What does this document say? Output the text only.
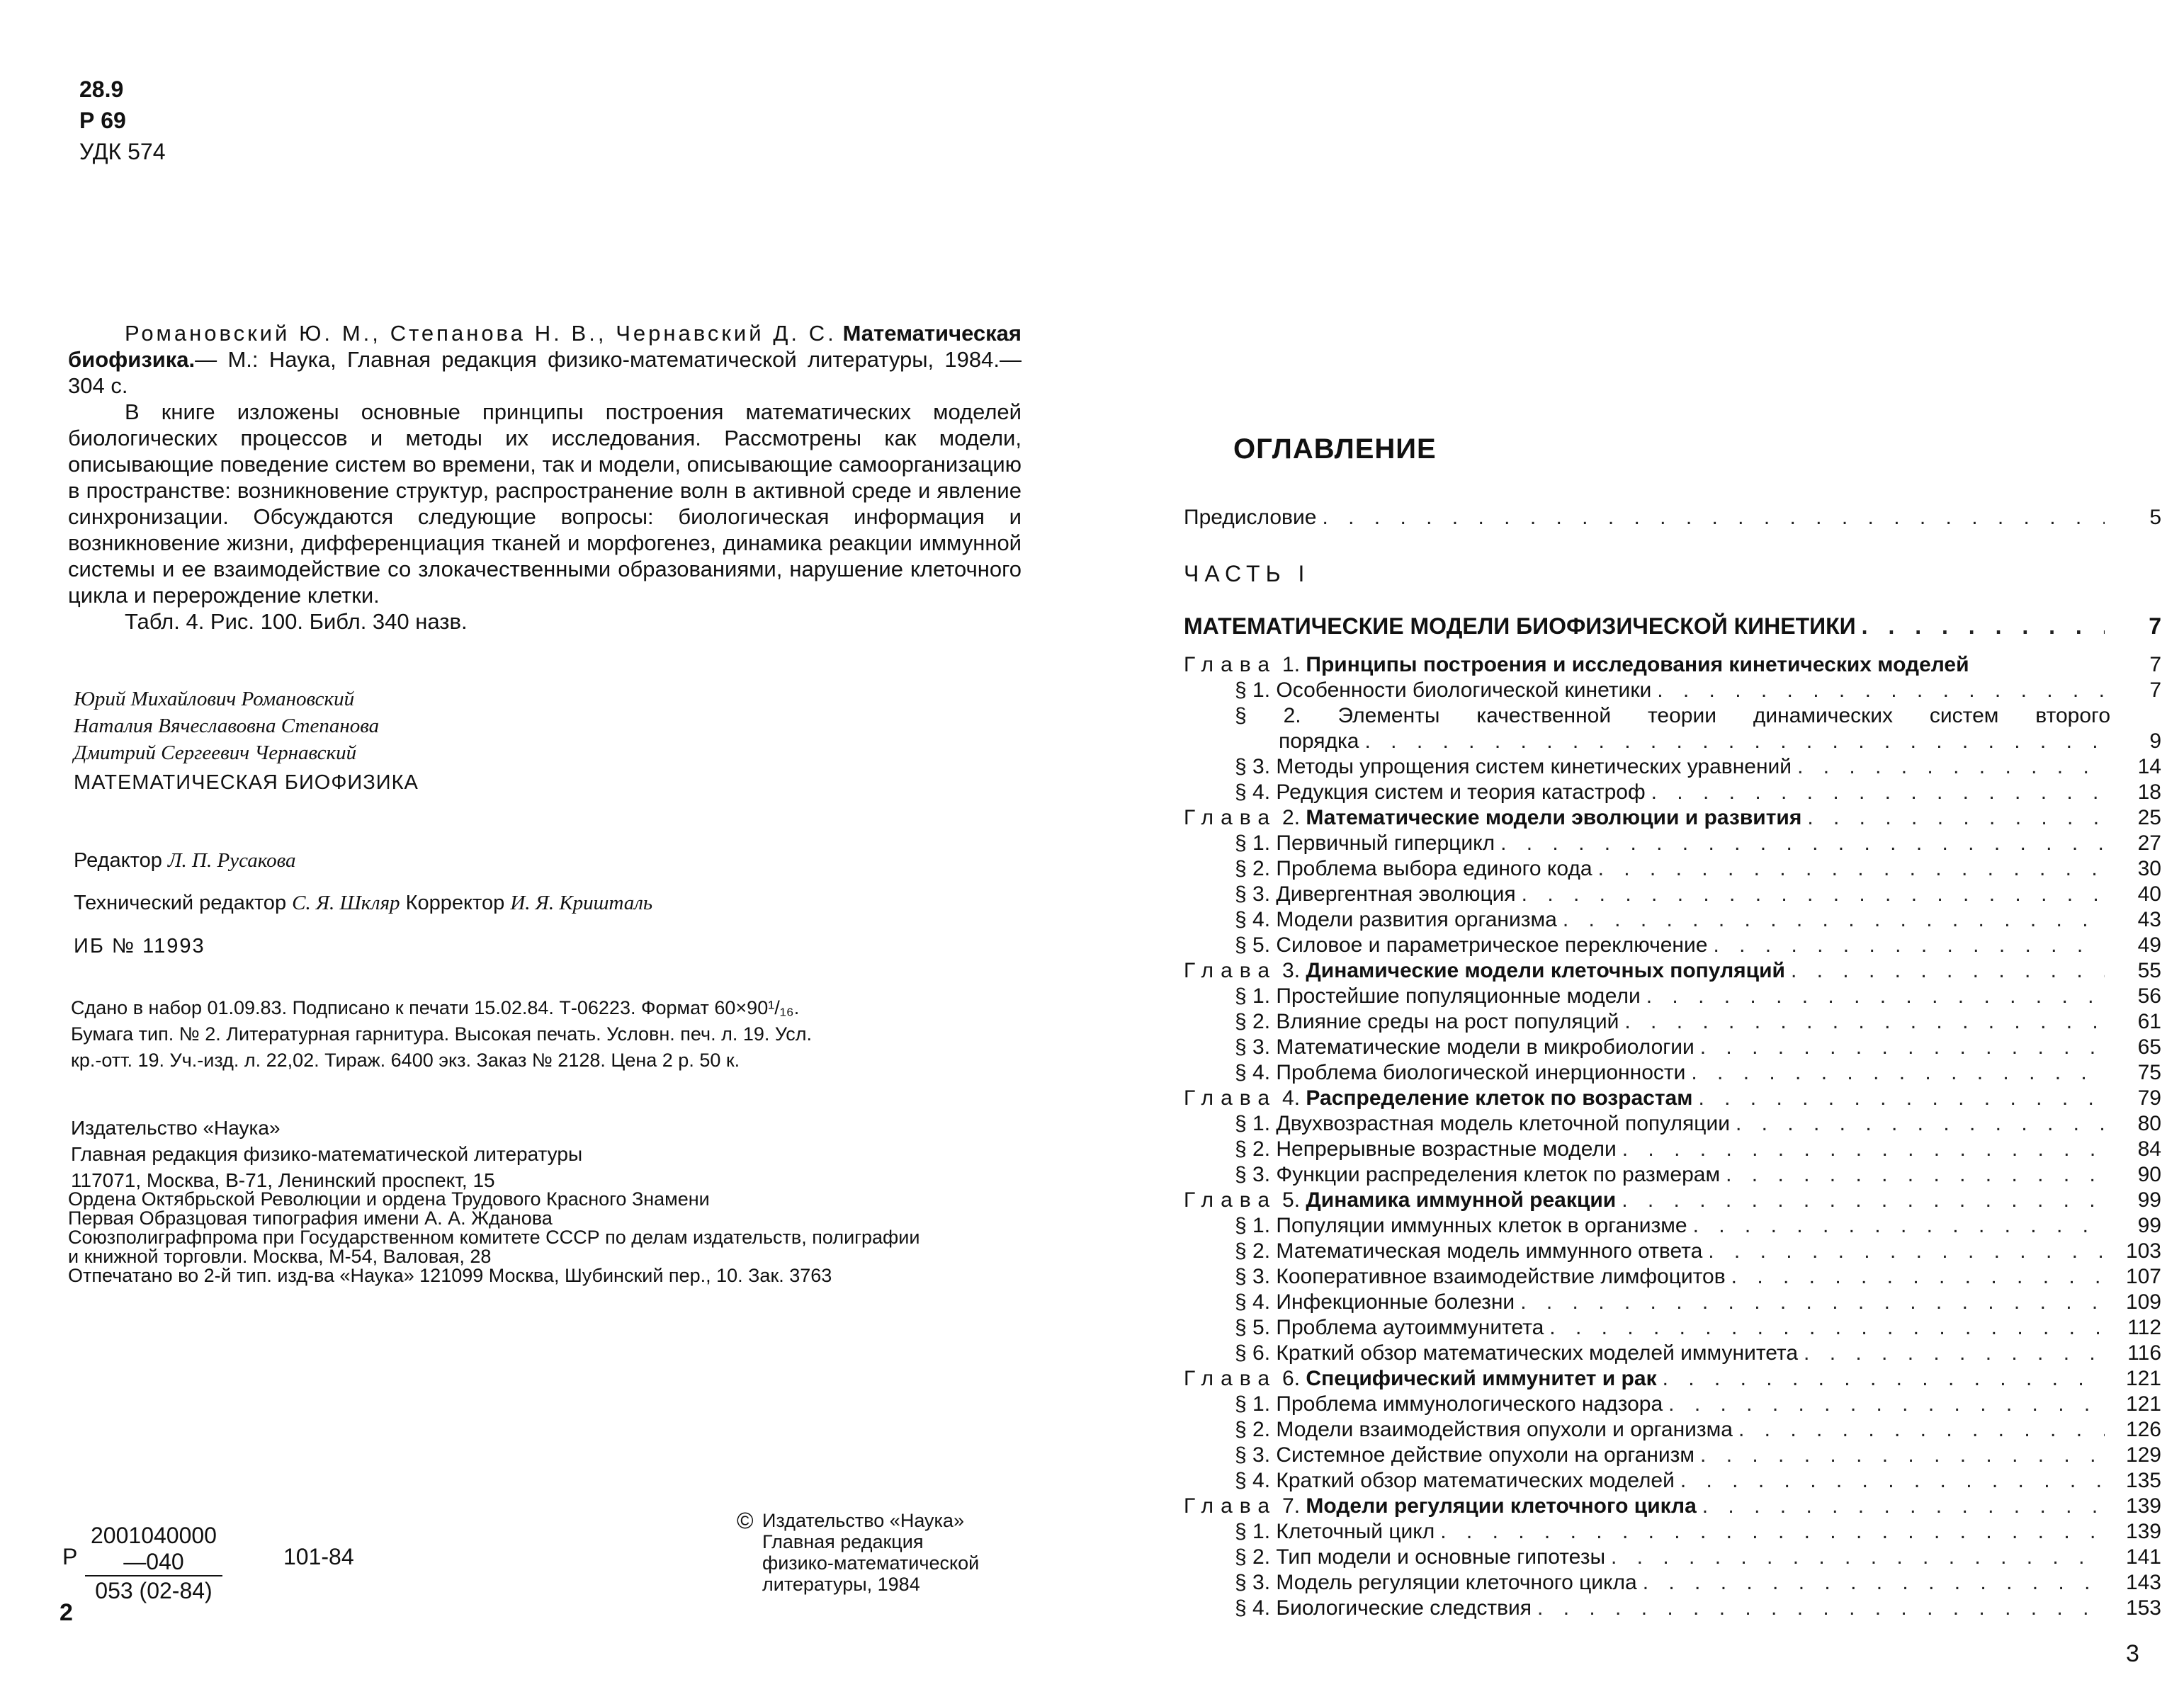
28.9
Р 69
УДК 574

Романовский Ю. М., Степанова Н. В., Чернавский Д. С. Математическая биофизика.— М.: Наука, Главная редакция физико-математической литературы, 1984.— 304 с.

В книге изложены основные принципы построения математических моделей биологических процессов и методы их исследования. Рассмотрены как модели, описывающие поведение систем во времени, так и модели, описывающие самоорганизацию в пространстве: возникновение структур, распространение волн в активной среде и явление синхронизации. Обсуждаются следующие вопросы: биологическая информация и возникновение жизни, дифференциация тканей и морфогенез, динамика реакции иммунной системы и ее взаимодействие со злокачественными образованиями, нарушение клеточного цикла и перерождение клетки.

Табл. 4. Рис. 100. Библ. 340 назв.

Юрий Михайлович Романовский
Наталия Вячеславовна Степанова
Дмитрий Сергеевич Чернавский
МАТЕМАТИЧЕСКАЯ БИОФИЗИКА
Редактор Л. П. Русакова
Технический редактор С. Я. Шкляр Корректор И. Я. Кришталь
ИБ № 11993
Сдано в набор 01.09.83. Подписано к печати 15.02.84. Т-06223. Формат 60×90¹/₁₆.
Бумага тип. № 2. Литературная гарнитура. Высокая печать. Условн. печ. л. 19. Усл.
кр.-отт. 19. Уч.-изд. л. 22,02. Тираж. 6400 экз. Заказ № 2128. Цена 2 р. 50 к.
Издательство «Наука»
Главная редакция физико-математической литературы
117071, Москва, В-71, Ленинский проспект, 15
Ордена Октябрьской Революции и ордена Трудового Красного Знамени
Первая Образцовая типография имени А. А. Жданова
Союзполиграфпрома при Государственном комитете СССР по делам издательств, полиграфии
и книжной торговли. Москва, М-54, Валовая, 28
Отпечатано во 2-й тип. изд-ва «Наука» 121099 Москва, Шубинский пер., 10. Зак. 3763
Р $\frac{2001040000—040}{053 (02-84)}$	101-84
© Издательство «Наука»
Главная редакция
физико-математической
литературы, 1984
2
ОГЛАВЛЕНИЕ
Предисловие . . .	5
ЧАСТЬ I
МАТЕМАТИЧЕСКИЕ МОДЕЛИ БИОФИЗИЧЕСКОЙ КИНЕТИКИ . . .	7
Глава 1. Принципы построения и исследования кинетических моделей	7
§ 1. Особенности биологической кинетики . . .	7
§ 2. Элементы качественной теории динамических систем второго
порядка . . .	9
§ 3. Методы упрощения систем кинетических уравнений . . .	14
§ 4. Редукция систем и теория катастроф . . .	18
Глава 2. Математические модели эволюции и развития . . .	25
§ 1. Первичный гиперцикл . . .	27
§ 2. Проблема выбора единого кода . . .	30
§ 3. Дивергентная эволюция . . .	40
§ 4. Модели развития организма . . .	43
§ 5. Силовое и параметрическое переключение . . .	49
Глава 3. Динамические модели клеточных популяций . . .	55
§ 1. Простейшие популяционные модели . . .	56
§ 2. Влияние среды на рост популяций . . .	61
§ 3. Математические модели в микробиологии . . .	65
§ 4. Проблема биологической инерционности . . .	75
Глава 4. Распределение клеток по возрастам . . .	79
§ 1. Двухвозрастная модель клеточной популяции . . .	80
§ 2. Непрерывные возрастные модели . . .	84
§ 3. Функции распределения клеток по размерам . . .	90
Глава 5. Динамика иммунной реакции . . .	99
§ 1. Популяции иммунных клеток в организме . . .	99
§ 2. Математическая модель иммунного ответа . . .	103
§ 3. Кооперативное взаимодействие лимфоцитов . . .	107
§ 4. Инфекционные болезни . . .	109
§ 5. Проблема аутоиммунитета . . .	112
§ 6. Краткий обзор математических моделей иммунитета . . .	116
Глава 6. Специфический иммунитет и рак . . .	121
§ 1. Проблема иммунологического надзора . . .	121
§ 2. Модели взаимодействия опухоли и организма . . .	126
§ 3. Системное действие опухоли на организм . . .	129
§ 4. Краткий обзор математических моделей . . .	135
Глава 7. Модели регуляции клеточного цикла . . .	139
§ 1. Клеточный цикл . . .	139
§ 2. Тип модели и основные гипотезы . . .	141
§ 3. Модель регуляции клеточного цикла . . .	143
§ 4. Биологические следствия . . .	153
3
